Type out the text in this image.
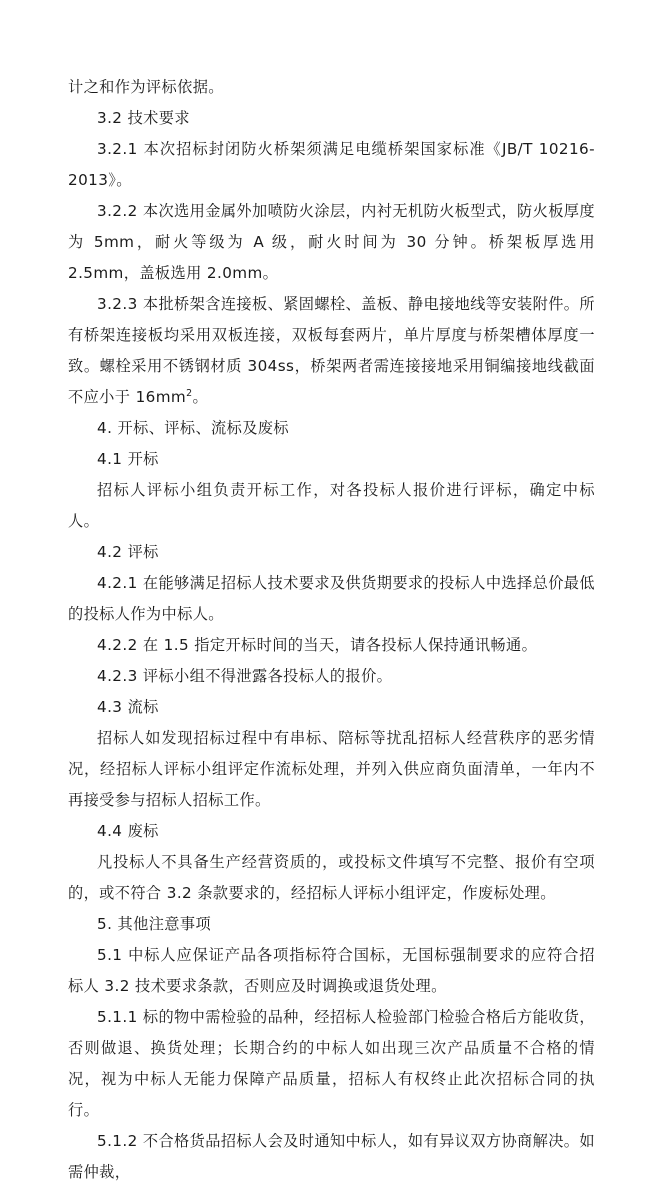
计之和作为评标依据。

3.2 技术要求

3.2.1 本次招标封闭防火桥架须满足电缆桥架国家标准《JB/T 10216-2013》。

3.2.2 本次选用金属外加喷防火涂层，内衬无机防火板型式，防火板厚度为 5mm，耐火等级为 A 级，耐火时间为 30 分钟。桥架板厚选用 2.5mm，盖板选用 2.0mm。

3.2.3 本批桥架含连接板、紧固螺栓、盖板、静电接地线等安装附件。所有桥架连接板均采用双板连接，双板每套两片，单片厚度与桥架槽体厚度一致。螺栓采用不锈钢材质 304ss，桥架两者需连接接地采用铜编接地线截面不应小于 $16mm^2$。

4. 开标、评标、流标及废标

4.1 开标

招标人评标小组负责开标工作，对各投标人报价进行评标，确定中标人。

4.2 评标

4.2.1 在能够满足招标人技术要求及供货期要求的投标人中选择总价最低的投标人作为中标人。

4.2.2 在 1.5 指定开标时间的当天，请各投标人保持通讯畅通。

4.2.3 评标小组不得泄露各投标人的报价。

4.3 流标

招标人如发现招标过程中有串标、陪标等扰乱招标人经营秩序的恶劣情况，经招标人评标小组评定作流标处理，并列入供应商负面清单，一年内不再接受参与招标人招标工作。

4.4 废标

凡投标人不具备生产经营资质的，或投标文件填写不完整、报价有空项的，或不符合 3.2 条款要求的，经招标人评标小组评定，作废标处理。

5. 其他注意事项

5.1 中标人应保证产品各项指标符合国标，无国标强制要求的应符合招标人 3.2 技术要求条款，否则应及时调换或退货处理。

5.1.1 标的物中需检验的品种，经招标人检验部门检验合格后方能收货，否则做退、换货处理；长期合约的中标人如出现三次产品质量不合格的情况，视为中标人无能力保障产品质量，招标人有权终止此次招标合同的执行。

5.1.2 不合格货品招标人会及时通知中标人，如有异议双方协商解决。如需仲裁，
